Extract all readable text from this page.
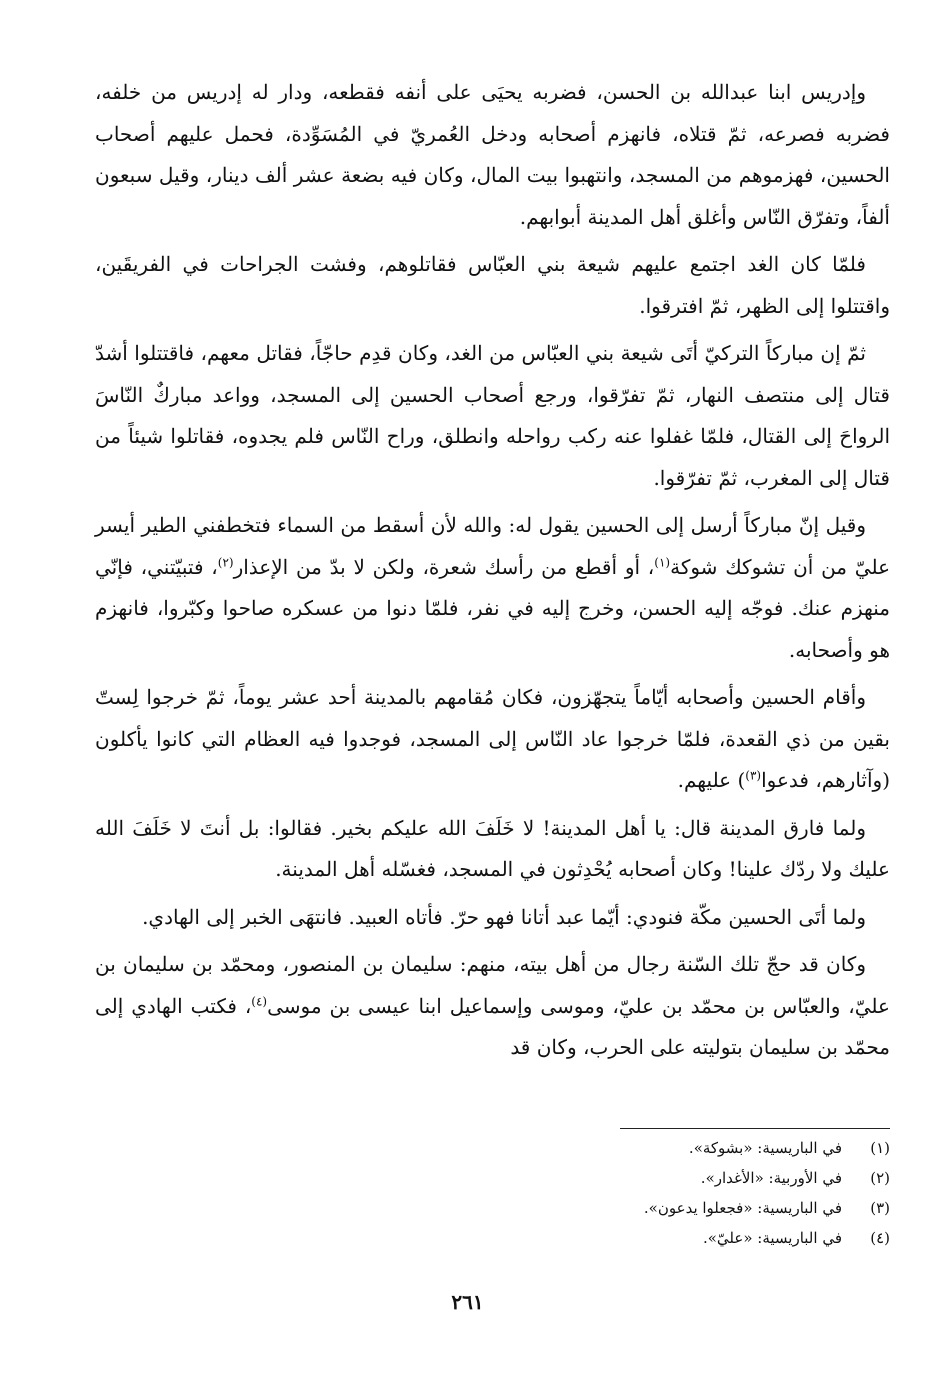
وإدريس ابنا عبدالله بن الحسن، فضربه يحيَى على أنفه فقطعه، ودار له إدريس من خلفه، فضربه فصرعه، ثمّ قتلاه، فانهزم أصحابه ودخل العُمريّ في المُسَوِّدة، فحمل عليهم أصحاب الحسين، فهزموهم من المسجد، وانتهبوا بيت المال، وكان فيه بضعة عشر ألف دينار، وقيل سبعون ألفاً، وتفرّق النّاس وأغلق أهل المدينة أبوابهم.

فلمّا كان الغد اجتمع عليهم شيعة بني العبّاس فقاتلوهم، وفشت الجراحات في الفريقَين، واقتتلوا إلى الظهر، ثمّ افترقوا.

ثمّ إن مباركاً التركيّ أتَى شيعة بني العبّاس من الغد، وكان قدِم حاجّاً، فقاتل معهم، فاقتتلوا أشدّ قتال إلى منتصف النهار، ثمّ تفرّقوا، ورجع أصحاب الحسين إلى المسجد، وواعد مباركٌ النّاسَ الرواحَ إلى القتال، فلمّا غفلوا عنه ركب رواحله وانطلق، وراح النّاس فلم يجدوه، فقاتلوا شيئاً من قتال إلى المغرب، ثمّ تفرّقوا.

وقيل إنّ مباركاً أرسل إلى الحسين يقول له: والله لأن أسقط من السماء فتخطفني الطير أيسر عليّ من أن تشوكك شوكة$^{(١)}$، أو أقطع من رأسك شعرة، ولكن لا بدّ من الإعذار$^{(٢)}$، فتبيّتني، فإنّي منهزم عنك. فوجّه إليه الحسن، وخرج إليه في نفر، فلمّا دنوا من عسكره صاحوا وكبّروا، فانهزم هو وأصحابه.

وأقام الحسين وأصحابه أيّاماً يتجهّزون، فكان مُقامهم بالمدينة أحد عشر يوماً، ثمّ خرجوا لِستّ بقين من ذي القعدة، فلمّا خرجوا عاد النّاس إلى المسجد، فوجدوا فيه العظام التي كانوا يأكلون (وآثارهم، فدعوا$^{(٣)}$) عليهم.

ولما فارق المدينة قال: يا أهل المدينة! لا خَلَفَ الله عليكم بخير. فقالوا: بل أنتَ لا خَلَفَ الله عليك ولا ردّك علينا! وكان أصحابه يُحْدِثون في المسجد، فغسّله أهل المدينة.

ولما أتَى الحسين مكّة فنودي: أيّما عبد أتانا فهو حرّ. فأتاه العبيد. فانتهَى الخبر إلى الهادي.

وكان قد حجّ تلك السّنة رجال من أهل بيته، منهم: سليمان بن المنصور، ومحمّد بن سليمان بن عليّ، والعبّاس بن محمّد بن عليّ، وموسى وإسماعيل ابنا عيسى بن موسى$^{(٤)}$، فكتب الهادي إلى محمّد بن سليمان بتوليته على الحرب، وكان قد

(١)
في الباريسية: «بشوكة».
(٢)
في الأوربية: «الأغدار».
(٣)
في الباريسية: «فجعلوا يدعون».
(٤)
في الباريسية: «عليّ».
٢٦١
